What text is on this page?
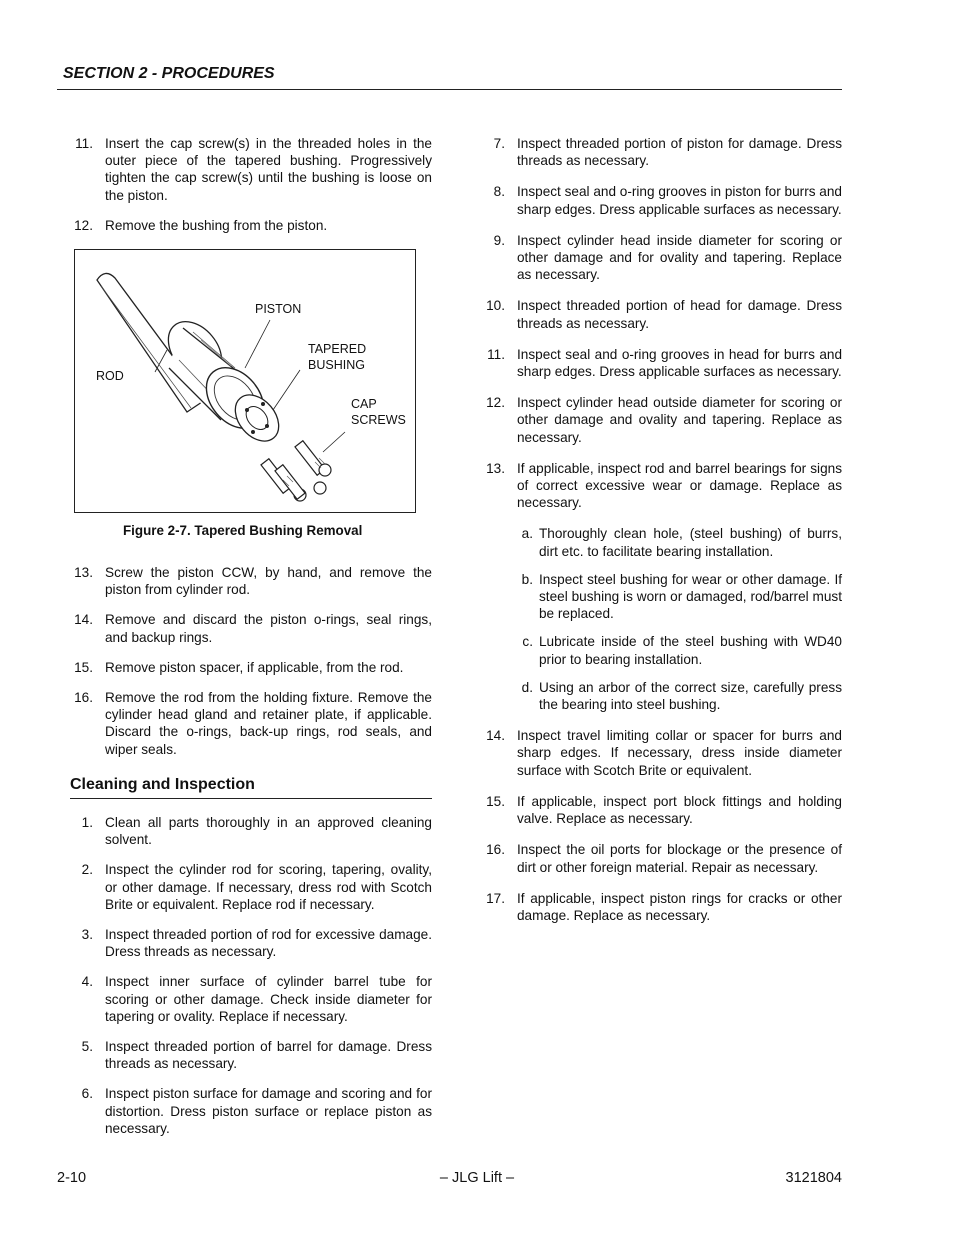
SECTION 2 - PROCEDURES
11. Insert the cap screw(s) in the threaded holes in the outer piece of the tapered bushing. Progressively tighten the cap screw(s) until the bushing is loose on the piston.
12. Remove the bushing from the piston.
PISTON
TAPERED
BUSHING
ROD
CAP
SCREWS
Figure 2-7. Tapered Bushing Removal
13. Screw the piston CCW, by hand, and remove the piston from cylinder rod.
14. Remove and discard the piston o-rings, seal rings, and backup rings.
15. Remove piston spacer, if applicable, from the rod.
16. Remove the rod from the holding fixture. Remove the cylinder head gland and retainer plate, if applicable. Discard the o-rings, back-up rings, rod seals, and wiper seals.
Cleaning and Inspection
1. Clean all parts thoroughly in an approved cleaning solvent.
2. Inspect the cylinder rod for scoring, tapering, ovality, or other damage. If necessary, dress rod with Scotch Brite or equivalent. Replace rod if necessary.
3. Inspect threaded portion of rod for excessive damage. Dress threads as necessary.
4. Inspect inner surface of cylinder barrel tube for scoring or other damage. Check inside diameter for tapering or ovality. Replace if necessary.
5. Inspect threaded portion of barrel for damage. Dress threads as necessary.
6. Inspect piston surface for damage and scoring and for distortion. Dress piston surface or replace piston as necessary.
7. Inspect threaded portion of piston for damage. Dress threads as necessary.
8. Inspect seal and o-ring grooves in piston for burrs and sharp edges. Dress applicable surfaces as necessary.
9. Inspect cylinder head inside diameter for scoring or other damage and for ovality and tapering. Replace as necessary.
10. Inspect threaded portion of head for damage. Dress threads as necessary.
11. Inspect seal and o-ring grooves in head for burrs and sharp edges. Dress applicable surfaces as necessary.
12. Inspect cylinder head outside diameter for scoring or other damage and ovality and tapering. Replace as necessary.
13. If applicable, inspect rod and barrel bearings for signs of correct excessive wear or damage. Replace as necessary.
a. Thoroughly clean hole, (steel bushing) of burrs, dirt etc. to facilitate bearing installation.
b. Inspect steel bushing for wear or other damage. If steel bushing is worn or damaged, rod/barrel must be replaced.
c. Lubricate inside of the steel bushing with WD40 prior to bearing installation.
d. Using an arbor of the correct size, carefully press the bearing into steel bushing.
14. Inspect travel limiting collar or spacer for burrs and sharp edges. If necessary, dress inside diameter surface with Scotch Brite or equivalent.
15. If applicable, inspect port block fittings and holding valve. Replace as necessary.
16. Inspect the oil ports for blockage or the presence of dirt or other foreign material. Repair as necessary.
17. If applicable, inspect piston rings for cracks or other damage. Replace as necessary.
2-10	– JLG Lift –	3121804
